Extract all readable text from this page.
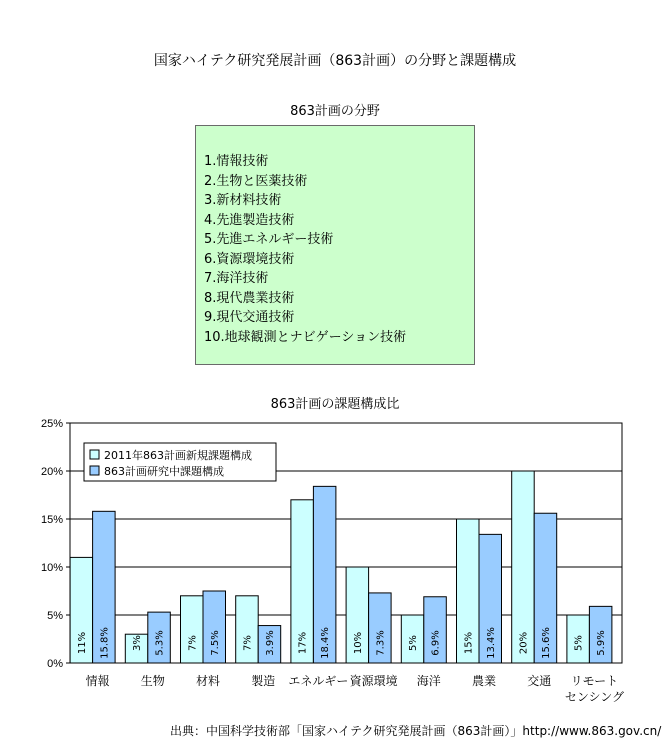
国家ハイテク研究発展計画（863計画）の分野と課題構成
863計画の分野
1.情報技術
2.生物と医薬技術
3.新材料技術
4.先進製造技術
5.先進エネルギー技術
6.資源環境技術
7.海洋技術
8.現代農業技術
9.現代交通技術
10.地球観測とナビゲーション技術
863計画の課題構成比
0%
5%
10%
15%
20%
25%
11%	3%	7%	7%	17%	10%	5%	15%	20%	5%
15.8%	5.3%	7.5%	3.9%	18.4%	7.3%	6.9%	13.4%	15.6%	5.9%
情報	生物	材料	製造 エネルギー 資源環境 海洋	農業	交通 リモート
センシング
2011年863計画新規課題構成
863計画研究中課題構成
出典：中国科学技術部「国家ハイテク研究発展計画（863計画）」http://www.863.gov.cn/
